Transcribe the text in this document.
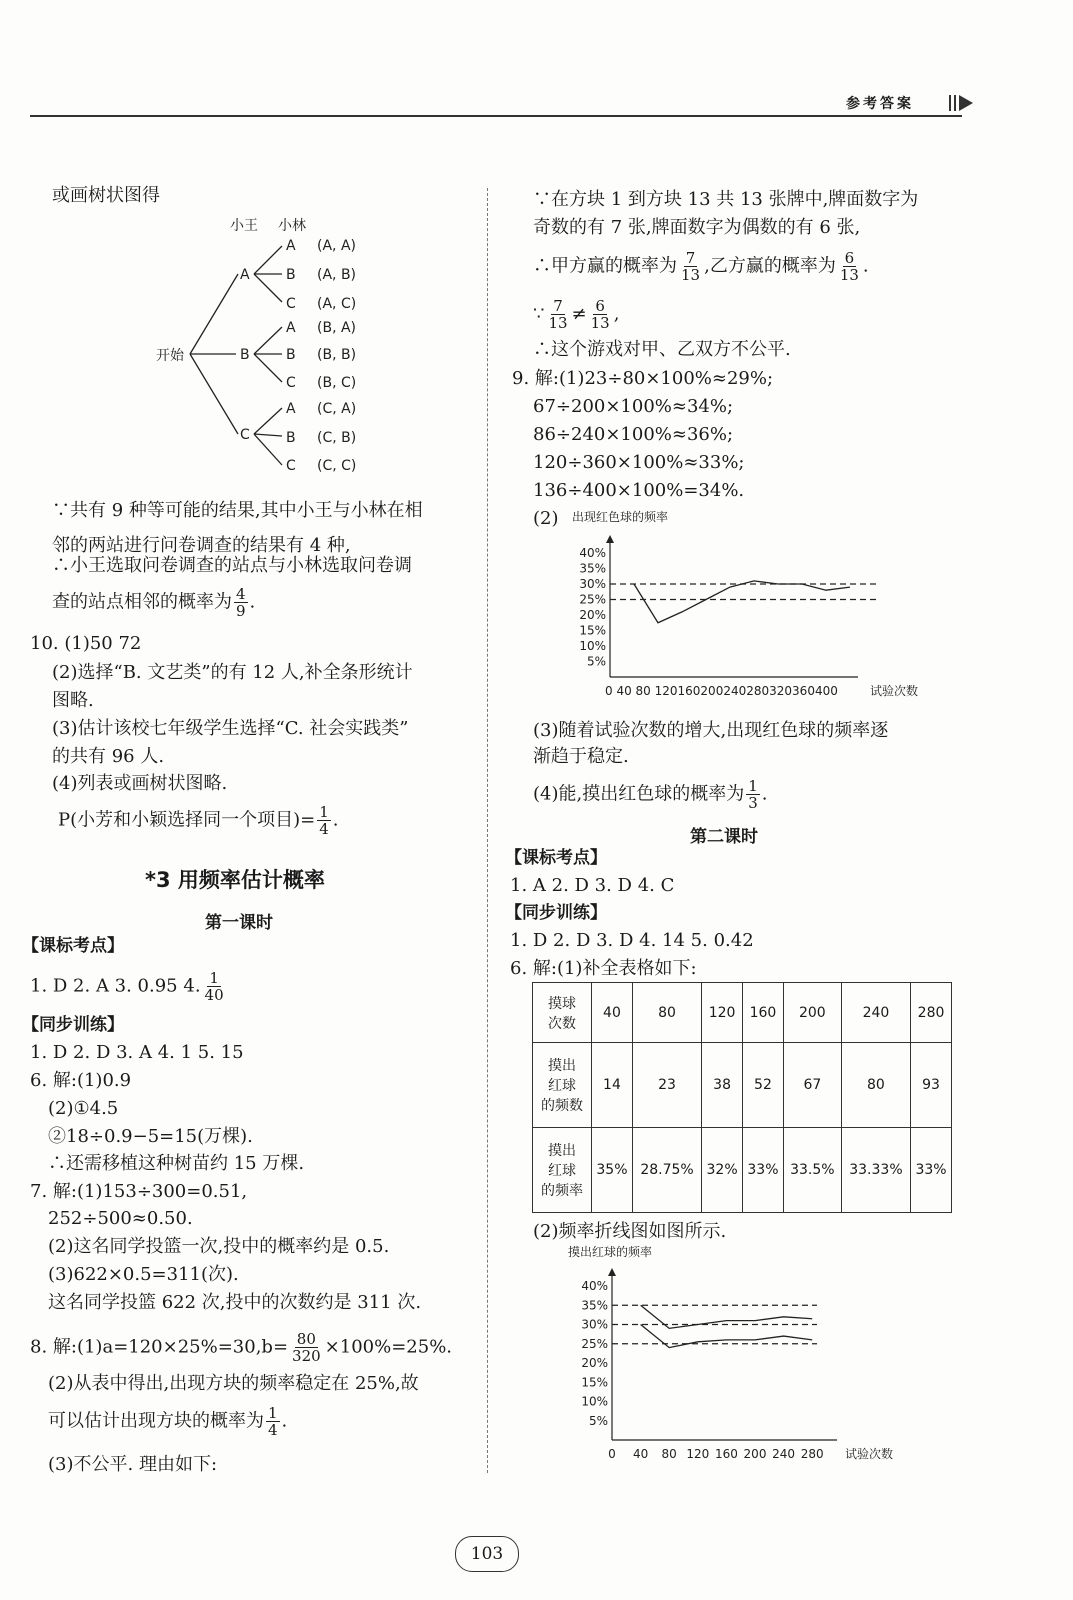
参考答案
或画树状图得
小王 小林
开始
A
B
C
A
B
C
A
B
C
A
B
C
(A, A)
(A, B)
(A, C)
(B, A)
(B, B)
(B, C)
(C, A)
(C, B)
(C, C)
∵共有 9 种等可能的结果,其中小王与小林在相
邻的两站进行问卷调查的结果有 4 种,
∴小王选取问卷调查的站点与小林选取问卷调
查的站点相邻的概率为 $\frac{4}{9}$ .
10. (1)50 72
(2)选择“B. 文艺类”的有 12 人,补全条形统计
图略.
(3)估计该校七年级学生选择“C. 社会实践类”
的共有 96 人.
(4)列表或画树状图略.
P(小芳和小颖选择同一个项目)= $\frac{1}{4}$ .
*3 用频率估计概率
第一课时
【课标考点】
1. D 2. A 3. 0.95 4. $\frac{1}{40}$
【同步训练】
1. D 2. D 3. A 4. 1 5. 15
6. 解:(1)0.9
(2)①4.5
②18÷0.9−5=15(万棵).
∴还需移植这种树苗约 15 万棵.
7. 解:(1)153÷300=0.51,
252÷500≈0.50.
(2)这名同学投篮一次,投中的概率约是 0.5.
(3)622×0.5=311(次).
这名同学投篮 622 次,投中的次数约是 311 次.
8. 解:(1)a=120×25%=30,b= $\frac{80}{320} \times 100\%=25\%$.
(2)从表中得出,出现方块的频率稳定在 25%,故
可以估计出现方块的概率为 $\frac{1}{4}$ .
(3)不公平. 理由如下:
∵在方块 1 到方块 13 共 13 张牌中,牌面数字为
奇数的有 7 张,牌面数字为偶数的有 6 张,
∴甲方赢的概率为 $\frac{7}{13}$ ,乙方赢的概率为 $\frac{6}{13}$ .
∵ $\frac{7}{13} \ne \frac{6}{13}$ ,
∴这个游戏对甲、乙双方不公平.
9. 解:(1)23÷80×100%≈29%;
67÷200×100%≈34%;
86÷240×100%≈36%;
120÷360×100%≈33%;
136÷400×100%=34%.
(2) 出现红色球的频率
5%
10%
15%
20%
25%
30%
35%
40%
0 40 80 120160200240280320360400	试验次数
(3)随着试验次数的增大,出现红色球的频率逐
渐趋于稳定.
(4)能,摸出红色球的概率为 $\frac{1}{3}$ .
第二课时
【课标考点】
1. A 2. D 3. D 4. C
【同步训练】
1. D 2. D 3. D 4. 14 5. 0.42
6. 解:(1)补全表格如下:
摸球
次数	40	80	120	160	200	240	280
摸出
红球
的频数	14	23	38	52	67	80	93
摸出
红球
的频率	35%	28.75%	32%	33%	33.5%	33.33%	33%
(2)频率折线图如图所示.
摸出红球的频率
5%
10%
15%
20%
25%
30%
35%
40%
0 40 80 120 160 200 240 280 试验次数
103
